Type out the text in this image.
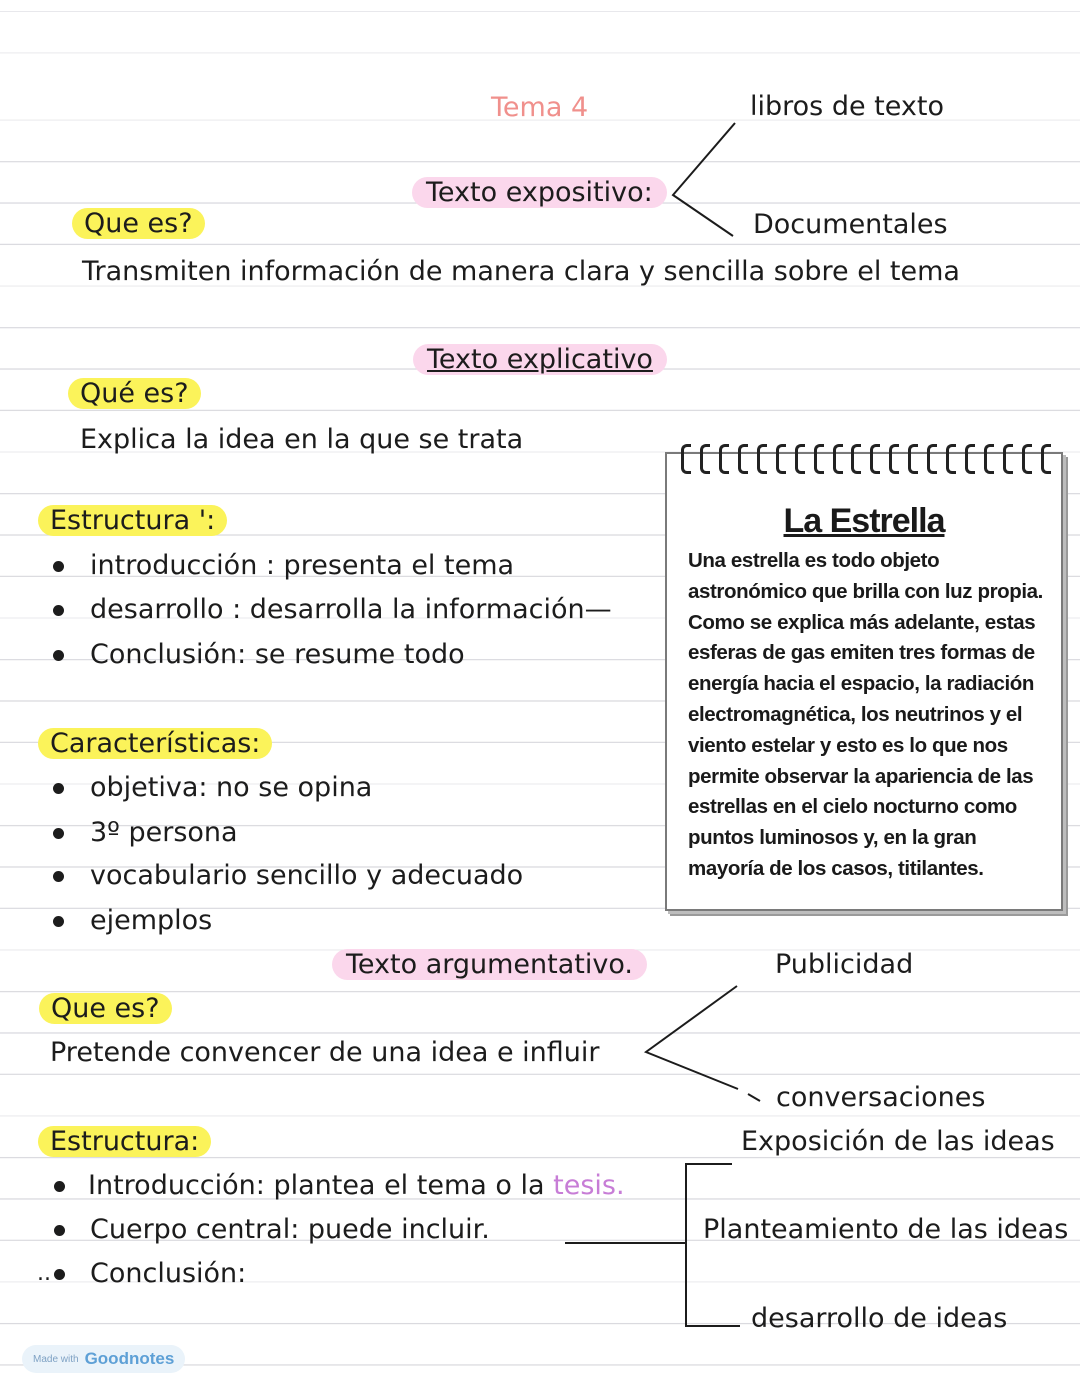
Tema 4	libros de texto
Texto expositivo:
Documentales
Que es?
Transmiten información de manera clara y sencilla sobre el tema
Texto explicativo
Qué es?
Explica la idea en la que se trata
Estructura ':
introducción : presenta el tema
desarrollo : desarrolla la información—
Conclusión: se resume todo
Características:
objetiva: no se opina
3º persona
vocabulario sencillo y adecuado
ejemplos
La Estrella

Una estrella es todo objeto astronómico que brilla con luz propia.

Como se explica más adelante, estas esferas de gas emiten tres formas de energía hacia el espacio, la radiación electromagnética, los neutrinos y el viento estelar y esto es lo que nos permite observar la apariencia de las estrellas en el cielo nocturno como puntos luminosos y, en la gran mayoría de los casos, titilantes.

Texto argumentativo.	Publicidad
Que es?
Pretende convencer de una idea e influir
conversaciones
Estructura:	Exposición de las ideas
Introducción: plantea el tema o la tesis.
Cuerpo central: puede incluir.	Planteamiento de las ideas
.. Conclusión:
desarrollo de ideas
Made with Goodnotes
